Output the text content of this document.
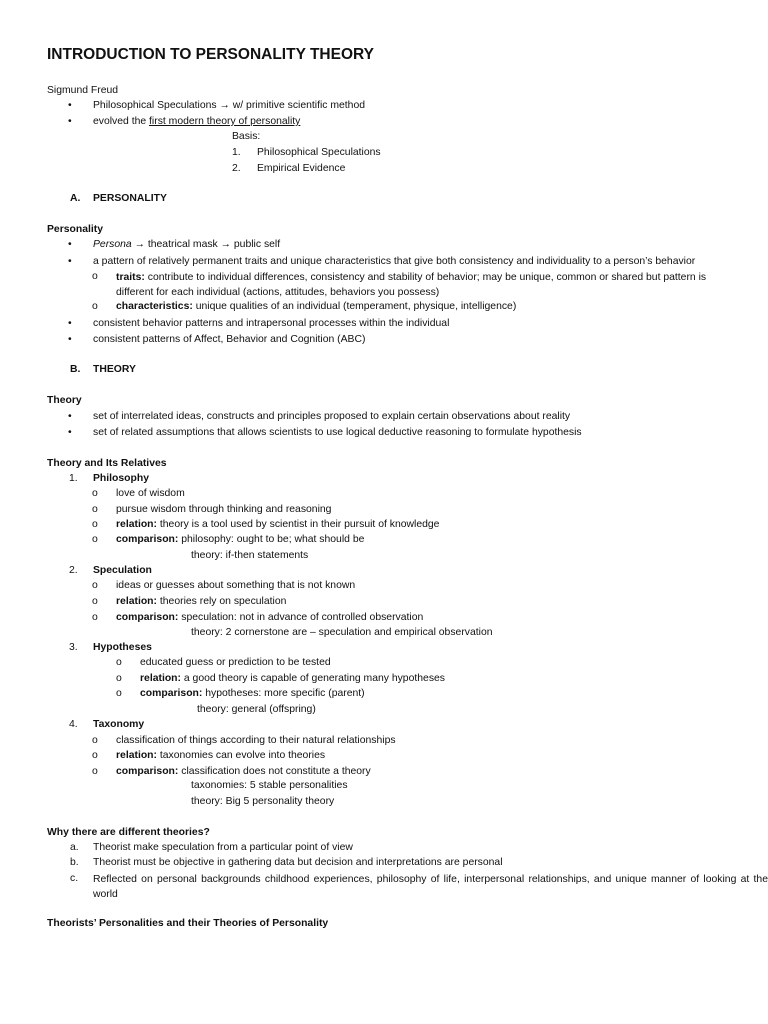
INTRODUCTION TO PERSONALITY THEORY
Sigmund Freud
• Philosophical Speculations → w/ primitive scientific method
• evolved the first modern theory of personality
Basis:
1. Philosophical Speculations
2. Empirical Evidence
A. PERSONALITY
Personality
• Persona → theatrical mask → public self
• a pattern of relatively permanent traits and unique characteristics that give both consistency and individuality to a person’s behavior
o traits: contribute to individual differences, consistency and stability of behavior; may be unique, common or shared but pattern is different for each individual (actions, attitudes, behaviors you possess)
o characteristics: unique qualities of an individual (temperament, physique, intelligence)
• consistent behavior patterns and intrapersonal processes within the individual
• consistent patterns of Affect, Behavior and Cognition (ABC)
B. THEORY
Theory
• set of interrelated ideas, constructs and principles proposed to explain certain observations about reality
• set of related assumptions that allows scientists to use logical deductive reasoning to formulate hypothesis
Theory and Its Relatives
1. Philosophy
o love of wisdom
o pursue wisdom through thinking and reasoning
o relation: theory is a tool used by scientist in their pursuit of knowledge
o comparison: philosophy: ought to be; what should be
theory: if-then statements
2. Speculation
o ideas or guesses about something that is not known
o relation: theories rely on speculation
o comparison: speculation: not in advance of controlled observation
theory: 2 cornerstone are – speculation and empirical observation
3. Hypotheses
o educated guess or prediction to be tested
o relation: a good theory is capable of generating many hypotheses
o comparison: hypotheses: more specific (parent)
theory: general (offspring)
4. Taxonomy
o classification of things according to their natural relationships
o relation: taxonomies can evolve into theories
o comparison: classification does not constitute a theory
taxonomies: 5 stable personalities
theory: Big 5 personality theory
Why there are different theories?
a. Theorist make speculation from a particular point of view
b. Theorist must be objective in gathering data but decision and interpretations are personal
c. Reflected on personal backgrounds childhood experiences, philosophy of life, interpersonal relationships, and unique manner of looking at the world
Theorists’ Personalities and their Theories of Personality
